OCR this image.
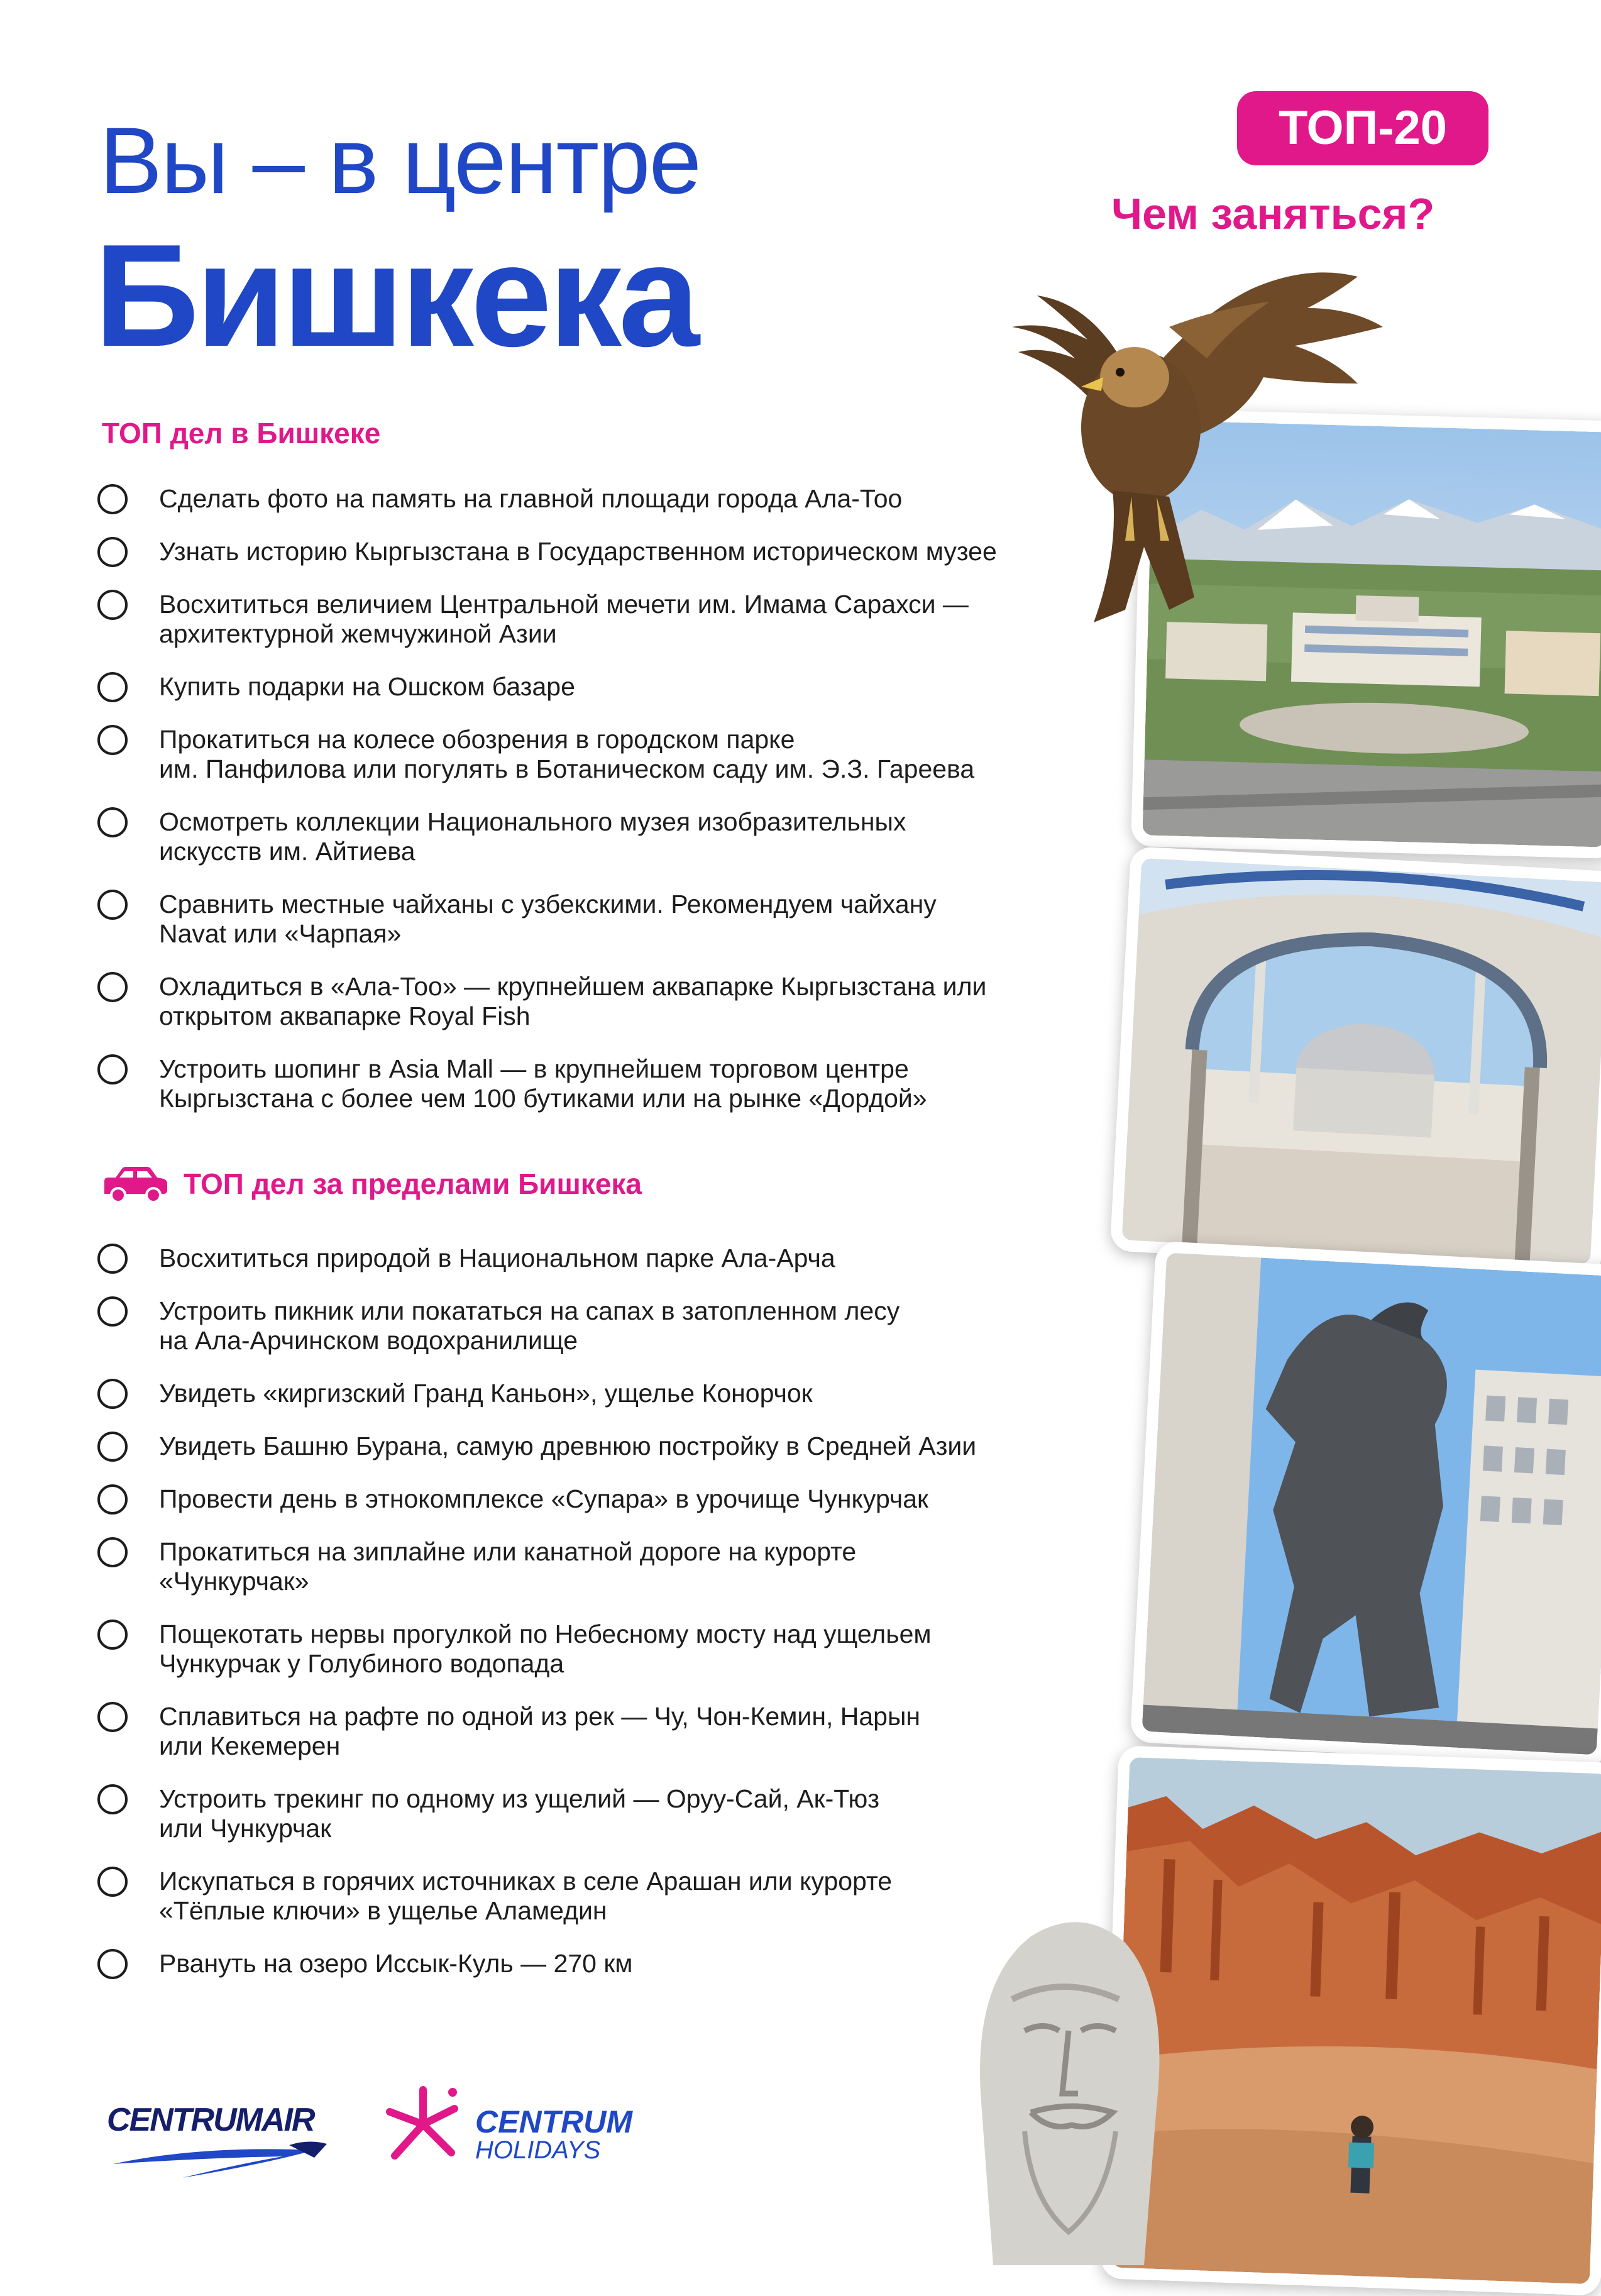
Вы – в центре
Бишкека
ТОП-20
Чем заняться?
ТОП дел в Бишкеке
Сделать фото на память на главной площади города Ала-Тоо
Узнать историю Кыргызстана в Государственном историческом музее
Восхититься величием Центральной мечети им. Имама Сарахси —
архитектурной жемчужиной Азии
Купить подарки на Ошском базаре
Прокатиться на колесе обозрения в городском парке
им. Панфилова или погулять в Ботаническом саду им. Э.З. Гареева
Осмотреть коллекции Национального музея изобразительных
искусств им. Айтиева
Сравнить местные чайханы с узбекскими. Рекомендуем чайхану
Navat или «Чарпая»
Охладиться в «Ала-Тоо» — крупнейшем аквапарке Кыргызстана или
открытом аквапарке Royal Fish
Устроить шопинг в Asia Mall — в крупнейшем торговом центре
Кыргызстана с более чем 100 бутиками или на рынке «Дордой»
ТОП дел за пределами Бишкека
Восхититься природой в Национальном парке Ала-Арча
Устроить пикник или покататься на сапах в затопленном лесу
на Ала-Арчинском водохранилище
Увидеть «киргизский Гранд Каньон», ущелье Конорчок
Увидеть Башню Бурана, самую древнюю постройку в Средней Азии
Провести день в этнокомплексе «Супара» в урочище Чункурчак
Прокатиться на зиплайне или канатной дороге на курорте
«Чункурчак»
Пощекотать нервы прогулкой по Небесному мосту над ущельем
Чункурчак у Голубиного водопада
Сплавиться на рафте по одной из рек — Чу, Чон-Кемин, Нарын
или Кекемерен
Устроить трекинг по одному из ущелий — Оруу-Сай, Ак-Тюз
или Чункурчак
Искупаться в горячих источниках в селе Арашан или курорте
«Тёплые ключи» в ущелье Аламедин
Рвануть на озеро Иссык-Куль — 270 км
CENTRUMAIR	CENTRUM
HOLIDAYS
